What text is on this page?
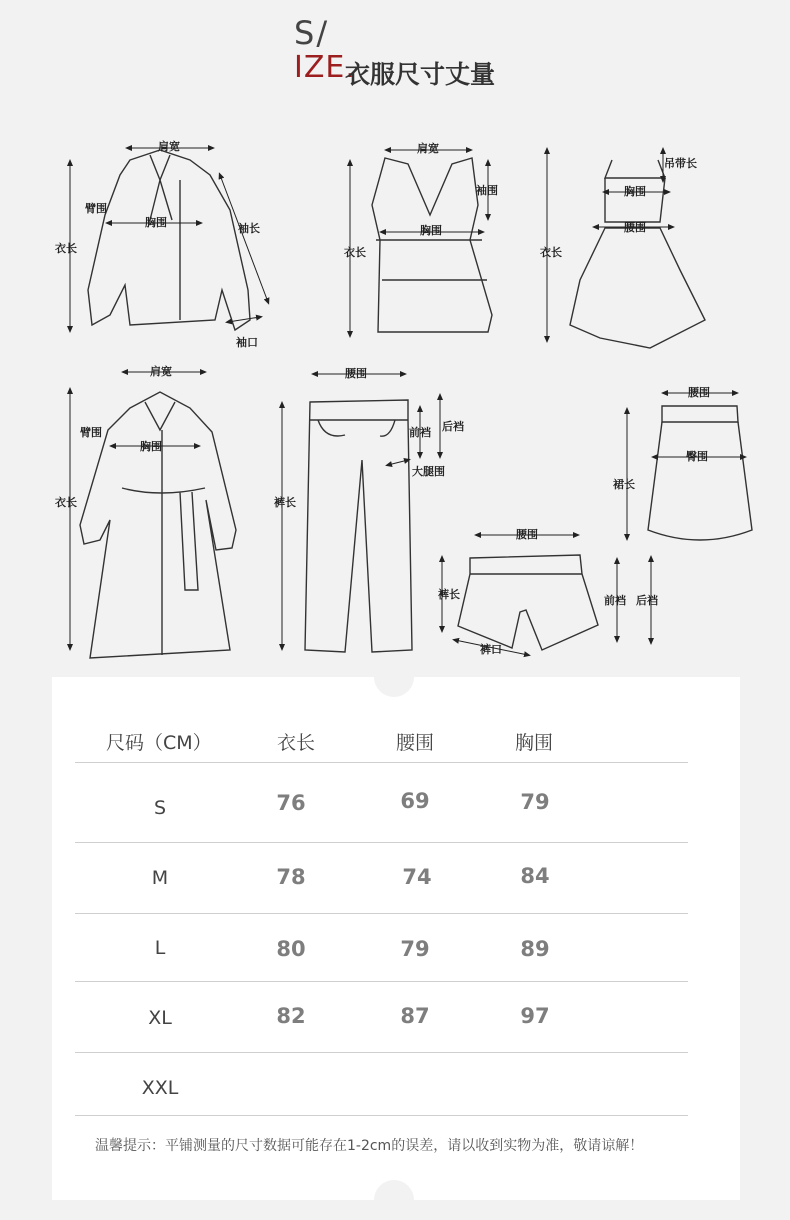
S/
IZE.
衣服尺寸丈量
肩宽
臂围
胸围
衣长
袖长
袖口
肩宽
袖围
胸围
衣长
吊带长
胸围
腰围
衣长
肩宽
臂围
胸围
衣长
腰围
前裆 后裆
大腿围
裤长
腰围
臀围
裙长
腰围
裤长	前裆 后裆
裤口
尺码（CM）	衣长	腰围	胸围
S	76	69	79
M	78	74	84
L	80	79	89
XL	82	87	97
XXL
温馨提示：平铺测量的尺寸数据可能存在1-2cm的误差，请以收到实物为准，敬请谅解！
